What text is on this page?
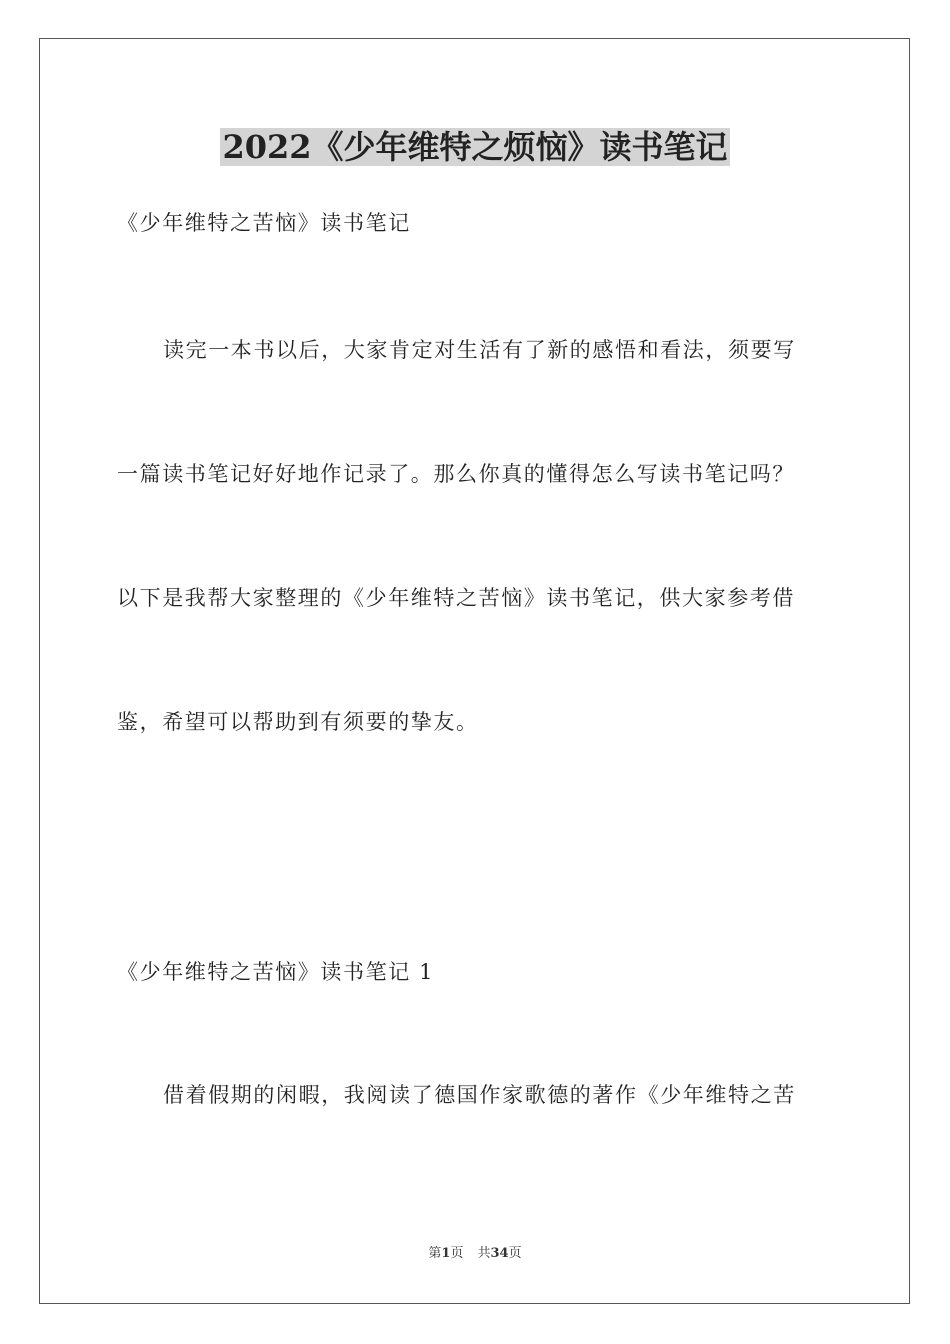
2022《少年维特之烦恼》读书笔记
《少年维特之苦恼》读书笔记
读完一本书以后，大家肯定对生活有了新的感悟和看法，须要写
一篇读书笔记好好地作记录了。那么你真的懂得怎么写读书笔记吗？
以下是我帮大家整理的《少年维特之苦恼》读书笔记，供大家参考借
鉴，希望可以帮助到有须要的挚友。
《少年维特之苦恼》读书笔记 1
借着假期的闲暇，我阅读了德国作家歌德的著作《少年维特之苦
第1页 共34页
